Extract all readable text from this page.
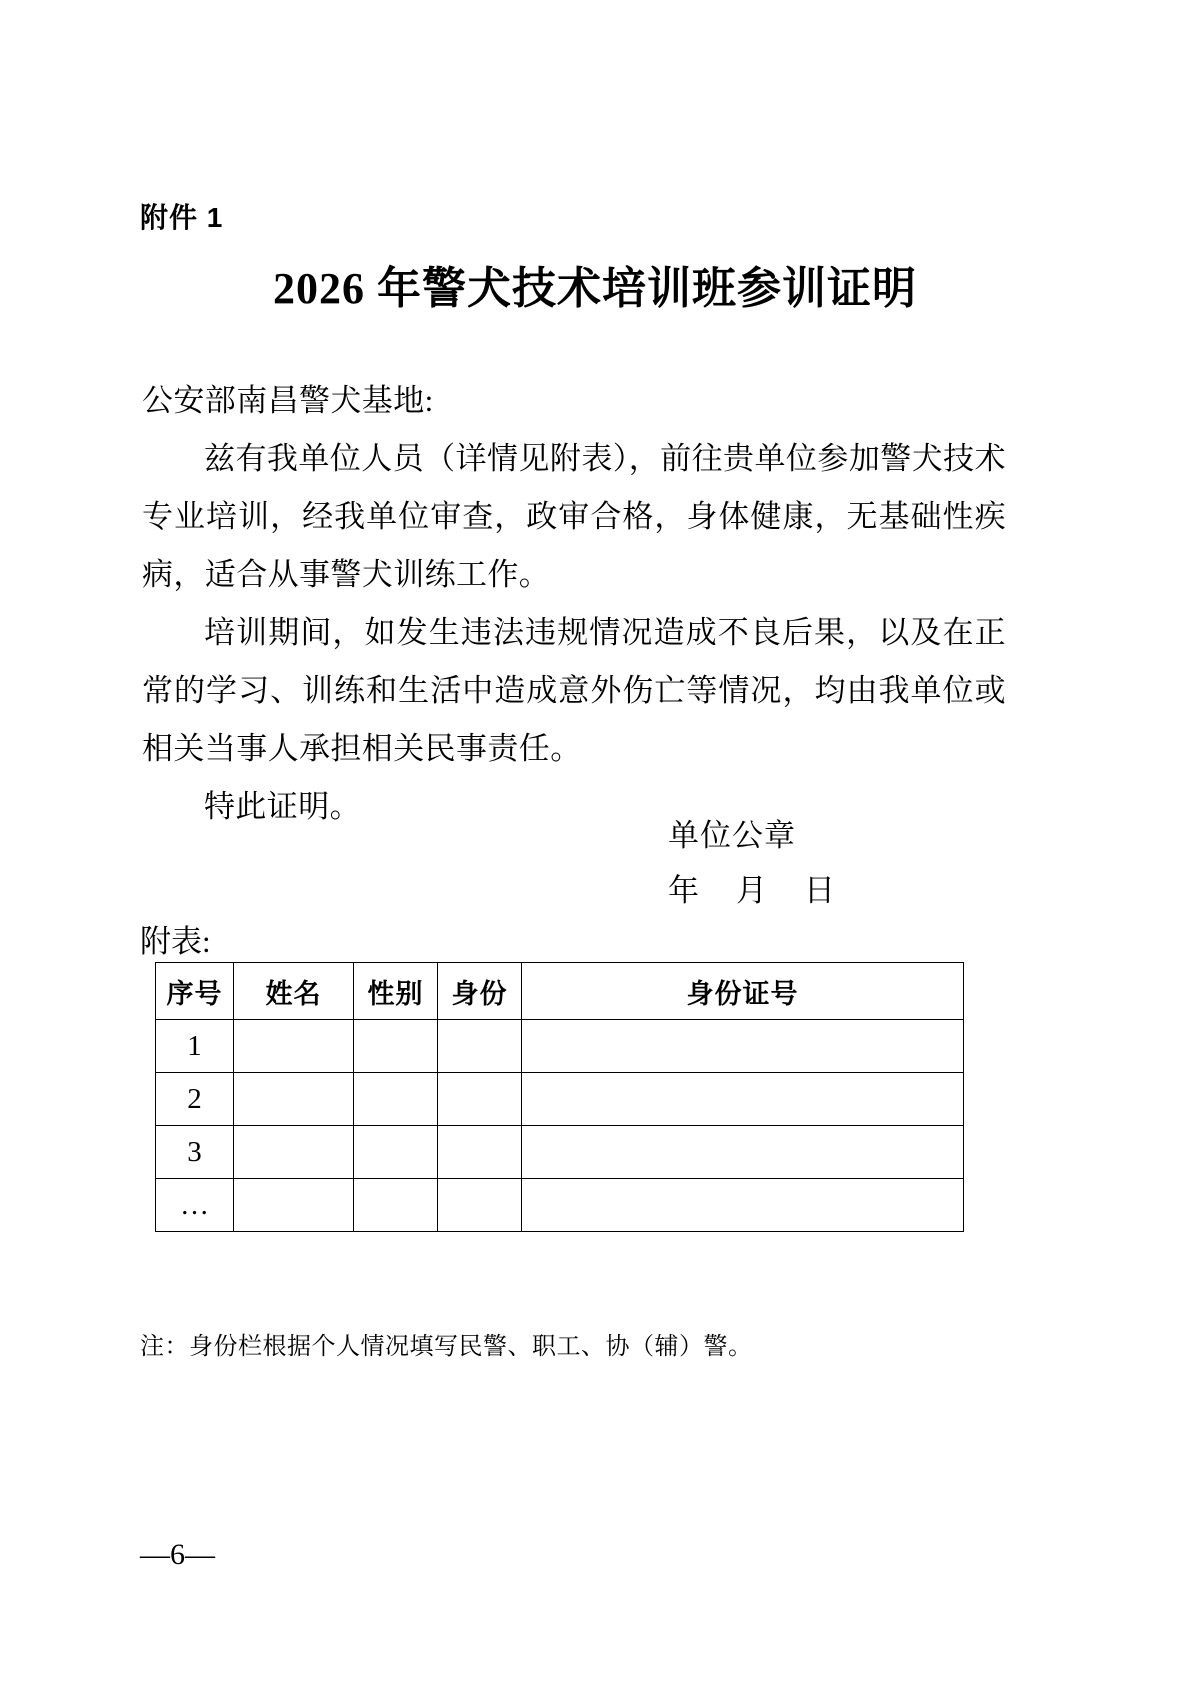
附件 1
2026 年警犬技术培训班参训证明

公安部南昌警犬基地:

兹有我单位人员（详情见附表），前往贵单位参加警犬技术专业培训，经我单位审查，政审合格，身体健康，无基础性疾病，适合从事警犬训练工作。

培训期间，如发生违法违规情况造成不良后果，以及在正常的学习、训练和生活中造成意外伤亡等情况，均由我单位或相关当事人承担相关民事责任。

特此证明。

单位公章

年 月 日

附表:
序号	姓名	性别	身份	身份证号
1				
2				
3				
…				
注：身份栏根据个人情况填写民警、职工、协（辅）警。
—6—
